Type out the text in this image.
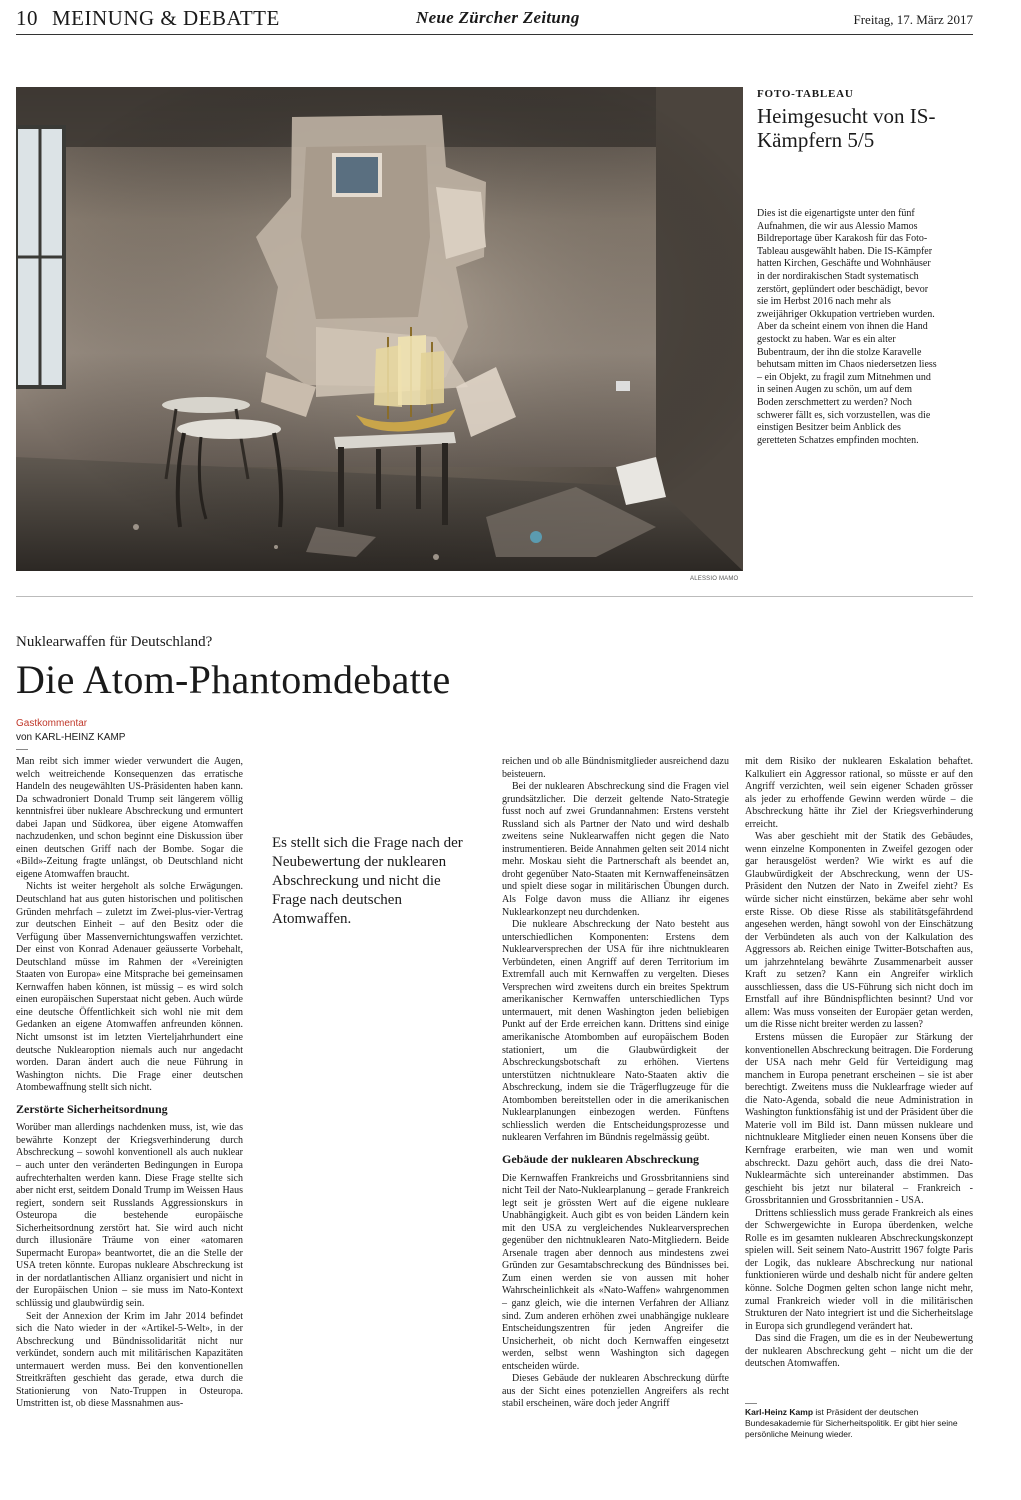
10 MEINUNG & DEBATTE	Neue Zürcher Zeitung	Freitag, 17. März 2017
ALESSIO MAMO
FOTO-TABLEAU
Heimgesucht von IS-Kämpfern 5/5
Dies ist die eigenartigste unter den fünf Aufnahmen, die wir aus Alessio Mamos Bildreportage über Karakosh für das Foto-Tableau ausgewählt haben. Die IS-Kämpfer hatten Kirchen, Geschäfte und Wohnhäuser in der nordirakischen Stadt systematisch zerstört, geplündert oder beschädigt, bevor sie im Herbst 2016 nach mehr als zweijähriger Okkupation vertrieben wurden. Aber da scheint einem von ihnen die Hand gestockt zu haben. War es ein alter Bubentraum, der ihn die stolze Karavelle behutsam mitten im Chaos niedersetzen liess – ein Objekt, zu fragil zum Mitnehmen und in seinen Augen zu schön, um auf dem Boden zerschmettert zu werden? Noch schwerer fällt es, sich vorzustellen, was die einstigen Besitzer beim Anblick des geretteten Schatzes empfinden mochten.
Nuklearwaffen für Deutschland?
Die Atom-Phantomdebatte
Gastkommentar
von KARL-HEINZ KAMP

Man reibt sich immer wieder verwundert die Augen, welch weitreichende Konsequenzen das erratische Handeln des neugewählten US-Präsidenten haben kann. Da schwadroniert Donald Trump seit längerem völlig kenntnisfrei über nukleare Abschreckung und ermuntert dabei Japan und Südkorea, über eigene Atomwaffen nachzudenken, und schon beginnt eine Diskussion über einen deutschen Griff nach der Bombe. Sogar die «Bild»-Zeitung fragte unlängst, ob Deutschland nicht eigene Atomwaffen braucht.

Nichts ist weiter hergeholt als solche Erwägungen. Deutschland hat aus guten historischen und politischen Gründen mehrfach – zuletzt im Zwei-plus-vier-Vertrag zur deutschen Einheit – auf den Besitz oder die Verfügung über Massenvernichtungswaffen verzichtet. Der einst von Konrad Adenauer geäusserte Vorbehalt, Deutschland müsse im Rahmen der «Vereinigten Staaten von Europa» eine Mitsprache bei gemeinsamen Kernwaffen haben können, ist müssig – es wird solch einen europäischen Superstaat nicht geben. Auch würde eine deutsche Öffentlichkeit sich wohl nie mit dem Gedanken an eigene Atomwaffen anfreunden können. Nicht umsonst ist im letzten Vierteljahrhundert eine deutsche Nuklearoption niemals auch nur angedacht worden. Daran ändert auch die neue Führung in Washington nichts. Die Frage einer deutschen Atombewaffnung stellt sich nicht.

Zerstörte Sicherheitsordnung

Worüber man allerdings nachdenken muss, ist, wie das bewährte Konzept der Kriegsverhinderung durch Abschreckung – sowohl konventionell als auch nuklear – auch unter den veränderten Bedingungen in Europa aufrechterhalten werden kann. Diese Frage stellte sich aber nicht erst, seitdem Donald Trump im Weissen Haus regiert, sondern seit Russlands Aggressionskurs in Osteuropa die bestehende europäische Sicherheitsordnung zerstört hat. Sie wird auch nicht durch illusionäre Träume von einer «atomaren Supermacht Europa» beantwortet, die an die Stelle der USA treten könnte. Europas nukleare Abschreckung ist in der nordatlantischen Allianz organisiert und nicht in der Europäischen Union – sie muss im Nato-Kontext schlüssig und glaubwürdig sein.

Seit der Annexion der Krim im Jahr 2014 befindet sich die Nato wieder in der «Artikel-5-Welt», in der Abschreckung und Bündnissolidarität nicht nur verkündet, sondern auch mit militärischen Kapazitäten untermauert werden muss. Bei den konventionellen Streitkräften geschieht das gerade, etwa durch die Stationierung von Nato-Truppen in Osteuropa. Umstritten ist, ob diese Massnahmen aus-

Es stellt sich die Frage nach der Neubewertung der nuklearen Abschreckung und nicht die Frage nach deutschen Atomwaffen.

reichen und ob alle Bündnismitglieder ausreichend dazu beisteuern.

Bei der nuklearen Abschreckung sind die Fragen viel grundsätzlicher. Die derzeit geltende Nato-Strategie fusst noch auf zwei Grundannahmen: Erstens versteht Russland sich als Partner der Nato und wird deshalb zweitens seine Nuklearwaffen nicht gegen die Nato instrumentieren. Beide Annahmen gelten seit 2014 nicht mehr. Moskau sieht die Partnerschaft als beendet an, droht gegenüber Nato-Staaten mit Kernwaffeneinsätzen und spielt diese sogar in militärischen Übungen durch. Als Folge davon muss die Allianz ihr eigenes Nuklearkonzept neu durchdenken.

Die nukleare Abschreckung der Nato besteht aus unterschiedlichen Komponenten: Erstens dem Nuklearversprechen der USA für ihre nichtnuklearen Verbündeten, einen Angriff auf deren Territorium im Extremfall auch mit Kernwaffen zu vergelten. Dieses Versprechen wird zweitens durch ein breites Spektrum amerikanischer Kernwaffen unterschiedlichen Typs untermauert, mit denen Washington jeden beliebigen Punkt auf der Erde erreichen kann. Drittens sind einige amerikanische Atombomben auf europäischem Boden stationiert, um die Glaubwürdigkeit der Abschreckungsbotschaft zu erhöhen. Viertens unterstützen nichtnukleare Nato-Staaten aktiv die Abschreckung, indem sie die Trägerflugzeuge für die Atombomben bereitstellen oder in die amerikanischen Nuklearplanungen einbezogen werden. Fünftens schliesslich werden die Entscheidungsprozesse und nuklearen Verfahren im Bündnis regelmässig geübt.

Gebäude der nuklearen Abschreckung

Die Kernwaffen Frankreichs und Grossbritanniens sind nicht Teil der Nato-Nuklearplanung – gerade Frankreich legt seit je grössten Wert auf die eigene nukleare Unabhängigkeit. Auch gibt es von beiden Ländern kein mit den USA zu vergleichendes Nuklearversprechen gegenüber den nichtnuklearen Nato-Mitgliedern. Beide Arsenale tragen aber dennoch aus mindestens zwei Gründen zur Gesamtabschreckung des Bündnisses bei. Zum einen werden sie von aussen mit hoher Wahrscheinlichkeit als «Nato-Waffen» wahrgenommen – ganz gleich, wie die internen Verfahren der Allianz sind. Zum anderen erhöhen zwei unabhängige nukleare Entscheidungszentren für jeden Angreifer die Unsicherheit, ob nicht doch Kernwaffen eingesetzt werden, selbst wenn Washington sich dagegen entscheiden würde.

Dieses Gebäude der nuklearen Abschreckung dürfte aus der Sicht eines potenziellen Angreifers als recht stabil erscheinen, wäre doch jeder Angriff

mit dem Risiko der nuklearen Eskalation behaftet. Kalkuliert ein Aggressor rational, so müsste er auf den Angriff verzichten, weil sein eigener Schaden grösser als jeder zu erhoffende Gewinn werden würde – die Abschreckung hätte ihr Ziel der Kriegsverhinderung erreicht.

Was aber geschieht mit der Statik des Gebäudes, wenn einzelne Komponenten in Zweifel gezogen oder gar herausgelöst werden? Wie wirkt es auf die Glaubwürdigkeit der Abschreckung, wenn der US-Präsident den Nutzen der Nato in Zweifel zieht? Es würde sicher nicht einstürzen, bekäme aber sehr wohl erste Risse. Ob diese Risse als stabilitätsgefährdend angesehen werden, hängt sowohl von der Einschätzung der Verbündeten als auch von der Kalkulation des Aggressors ab. Reichen einige Twitter-Botschaften aus, um jahrzehntelang bewährte Zusammenarbeit ausser Kraft zu setzen? Kann ein Angreifer wirklich ausschliessen, dass die US-Führung sich nicht doch im Ernstfall auf ihre Bündnispflichten besinnt? Und vor allem: Was muss vonseiten der Europäer getan werden, um die Risse nicht breiter werden zu lassen?

Erstens müssen die Europäer zur Stärkung der konventionellen Abschreckung beitragen. Die Forderung der USA nach mehr Geld für Verteidigung mag manchem in Europa penetrant erscheinen – sie ist aber berechtigt. Zweitens muss die Nuklearfrage wieder auf die Nato-Agenda, sobald die neue Administration in Washington funktionsfähig ist und der Präsident über die Materie voll im Bild ist. Dann müssen nukleare und nichtnukleare Mitglieder einen neuen Konsens über die Kernfrage erarbeiten, wie man wen und womit abschreckt. Dazu gehört auch, dass die drei Nato-Nuklearmächte sich untereinander abstimmen. Das geschieht bis jetzt nur bilateral – Frankreich - Grossbritannien und Grossbritannien - USA.

Drittens schliesslich muss gerade Frankreich als eines der Schwergewichte in Europa überdenken, welche Rolle es im gesamten nuklearen Abschreckungskonzept spielen will. Seit seinem Nato-Austritt 1967 folgte Paris der Logik, das nukleare Abschreckung nur national funktionieren würde und deshalb nicht für andere gelten könne. Solche Dogmen gelten schon lange nicht mehr, zumal Frankreich wieder voll in die militärischen Strukturen der Nato integriert ist und die Sicherheitslage in Europa sich grundlegend verändert hat.

Das sind die Fragen, um die es in der Neubewertung der nuklearen Abschreckung geht – nicht um die der deutschen Atomwaffen.

Karl-Heinz Kamp ist Präsident der deutschen Bundesakademie für Sicherheitspolitik. Er gibt hier seine persönliche Meinung wieder.
